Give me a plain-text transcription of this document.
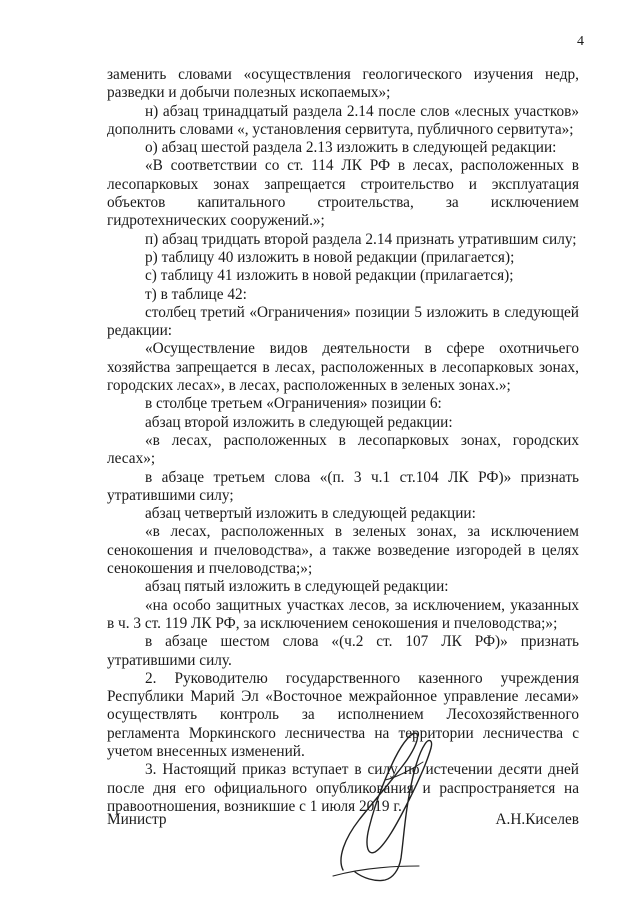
4

заменить словами «осуществления геологического изучения недр, разведки и добычи полезных ископаемых»;

н) абзац тринадцатый раздела 2.14 после слов «лесных участков» дополнить словами «, установления сервитута, публичного сервитута»;

о) абзац шестой раздела 2.13 изложить в следующей редакции:

«В соответствии со ст. 114 ЛК РФ в лесах, расположенных в лесопарковых зонах запрещается строительство и эксплуатация объектов капитального строительства, за исключением гидротехнических сооружений.»;

п) абзац тридцать второй раздела 2.14 признать утратившим силу;

р) таблицу 40 изложить в новой редакции (прилагается);

с) таблицу 41 изложить в новой редакции (прилагается);

т) в таблице 42:

столбец третий «Ограничения» позиции 5 изложить в следующей редакции:

«Осуществление видов деятельности в сфере охотничьего хозяйства запрещается в лесах, расположенных в лесопарковых зонах, городских лесах», в лесах, расположенных в зеленых зонах.»;

в столбце третьем «Ограничения» позиции 6:

абзац второй изложить в следующей редакции:

«в лесах, расположенных в лесопарковых зонах, городских лесах»;

в абзаце третьем слова «(п. 3 ч.1 ст.104 ЛК РФ)» признать утратившими силу;

абзац четвертый изложить в следующей редакции:

«в лесах, расположенных в зеленых зонах, за исключением сенокошения и пчеловодства», а также возведение изгородей в целях сенокошения и пчеловодства;»;

абзац пятый изложить в следующей редакции:

«на особо защитных участках лесов, за исключением, указанных в ч. 3 ст. 119 ЛК РФ, за исключением сенокошения и пчеловодства;»;

в абзаце шестом слова «(ч.2 ст. 107 ЛК РФ)» признать утратившими силу.

2. Руководителю государственного казенного учреждения Республики Марий Эл «Восточное межрайонное управление лесами» осуществлять контроль за исполнением Лесохозяйственного регламента Моркинского лесничества на территории лесничества с учетом внесенных изменений.

3. Настоящий приказ вступает в силу по истечении десяти дней после дня его официального опубликования и распространяется на правоотношения, возникшие с 1 июля 2019 г.

Министр	А.Н.Киселев
